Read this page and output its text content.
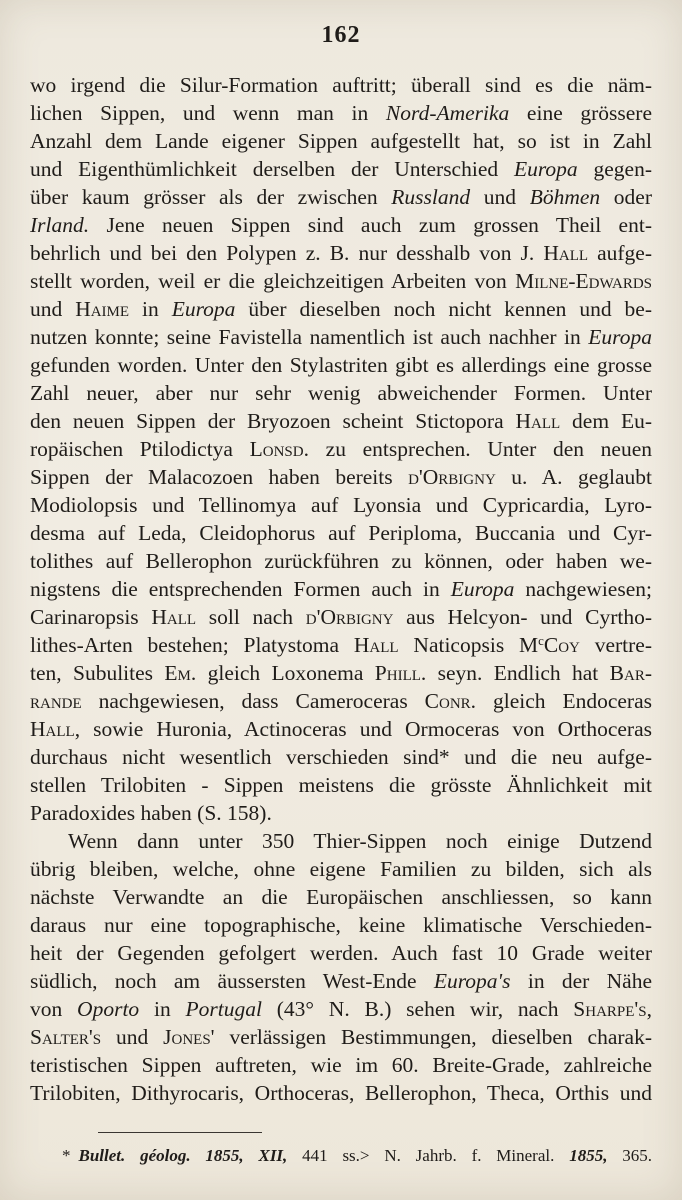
162
wo irgend die Silur-Formation auftritt; überall sind es die näm-
lichen Sippen, und wenn man in Nord-Amerika eine grössere
Anzahl dem Lande eigener Sippen aufgestellt hat, so ist in Zahl
und Eigenthümlichkeit derselben der Unterschied Europa gegen-
über kaum grösser als der zwischen Russland und Böhmen oder
Irland. Jene neuen Sippen sind auch zum grossen Theil ent-
behrlich und bei den Polypen z. B. nur desshalb von J. Hall aufge-
stellt worden, weil er die gleichzeitigen Arbeiten von Milne-Edwards
und Haime in Europa über dieselben noch nicht kennen und be-
nutzen konnte; seine Favistella namentlich ist auch nachher in Europa
gefunden worden. Unter den Stylastriten gibt es allerdings eine grosse
Zahl neuer, aber nur sehr wenig abweichender Formen. Unter
den neuen Sippen der Bryozoen scheint Stictopora Hall dem Eu-
ropäischen Ptilodictya Lonsd. zu entsprechen. Unter den neuen
Sippen der Malacozoen haben bereits d'Orbigny u. A. geglaubt
Modiolopsis und Tellinomya auf Lyonsia und Cypricardia, Lyro-
desma auf Leda, Cleidophorus auf Periploma, Buccania und Cyr-
tolithes auf Bellerophon zurückführen zu können, oder haben we-
nigstens die entsprechenden Formen auch in Europa nachgewiesen;
Carinaropsis Hall soll nach d'Orbigny aus Helcyon- und Cyrtho-
lithes-Arten bestehen; Platystoma Hall Naticopsis $M^cCoy$ vertre-
ten, Subulites Em. gleich Loxonema Phill. seyn. Endlich hat Bar-
rande nachgewiesen, dass Cameroceras Conr. gleich Endoceras
Hall, sowie Huronia, Actinoceras und Ormoceras von Orthoceras
durchaus nicht wesentlich verschieden sind* und die neu aufge-
stellen Trilobiten - Sippen meistens die grösste Ähnlichkeit mit
Paradoxides haben (S. 158).
Wenn dann unter 350 Thier-Sippen noch einige Dutzend
übrig bleiben, welche, ohne eigene Familien zu bilden, sich als
nächste Verwandte an die Europäischen anschliessen, so kann
daraus nur eine topographische, keine klimatische Verschieden-
heit der Gegenden gefolgert werden. Auch fast 10 Grade weiter
südlich, noch am äussersten West-Ende Europa's in der Nähe
von Oporto in Portugal (43° N. B.) sehen wir, nach Sharpe's,
Salter's und Jones' verlässigen Bestimmungen, dieselben charak-
teristischen Sippen auftreten, wie im 60. Breite-Grade, zahlreiche
Trilobiten, Dithyrocaris, Orthoceras, Bellerophon, Theca, Orthis und
* Bullet. géolog. 1855, XII, 441 ss.> N. Jahrb. f. Mineral. 1855, 365.
